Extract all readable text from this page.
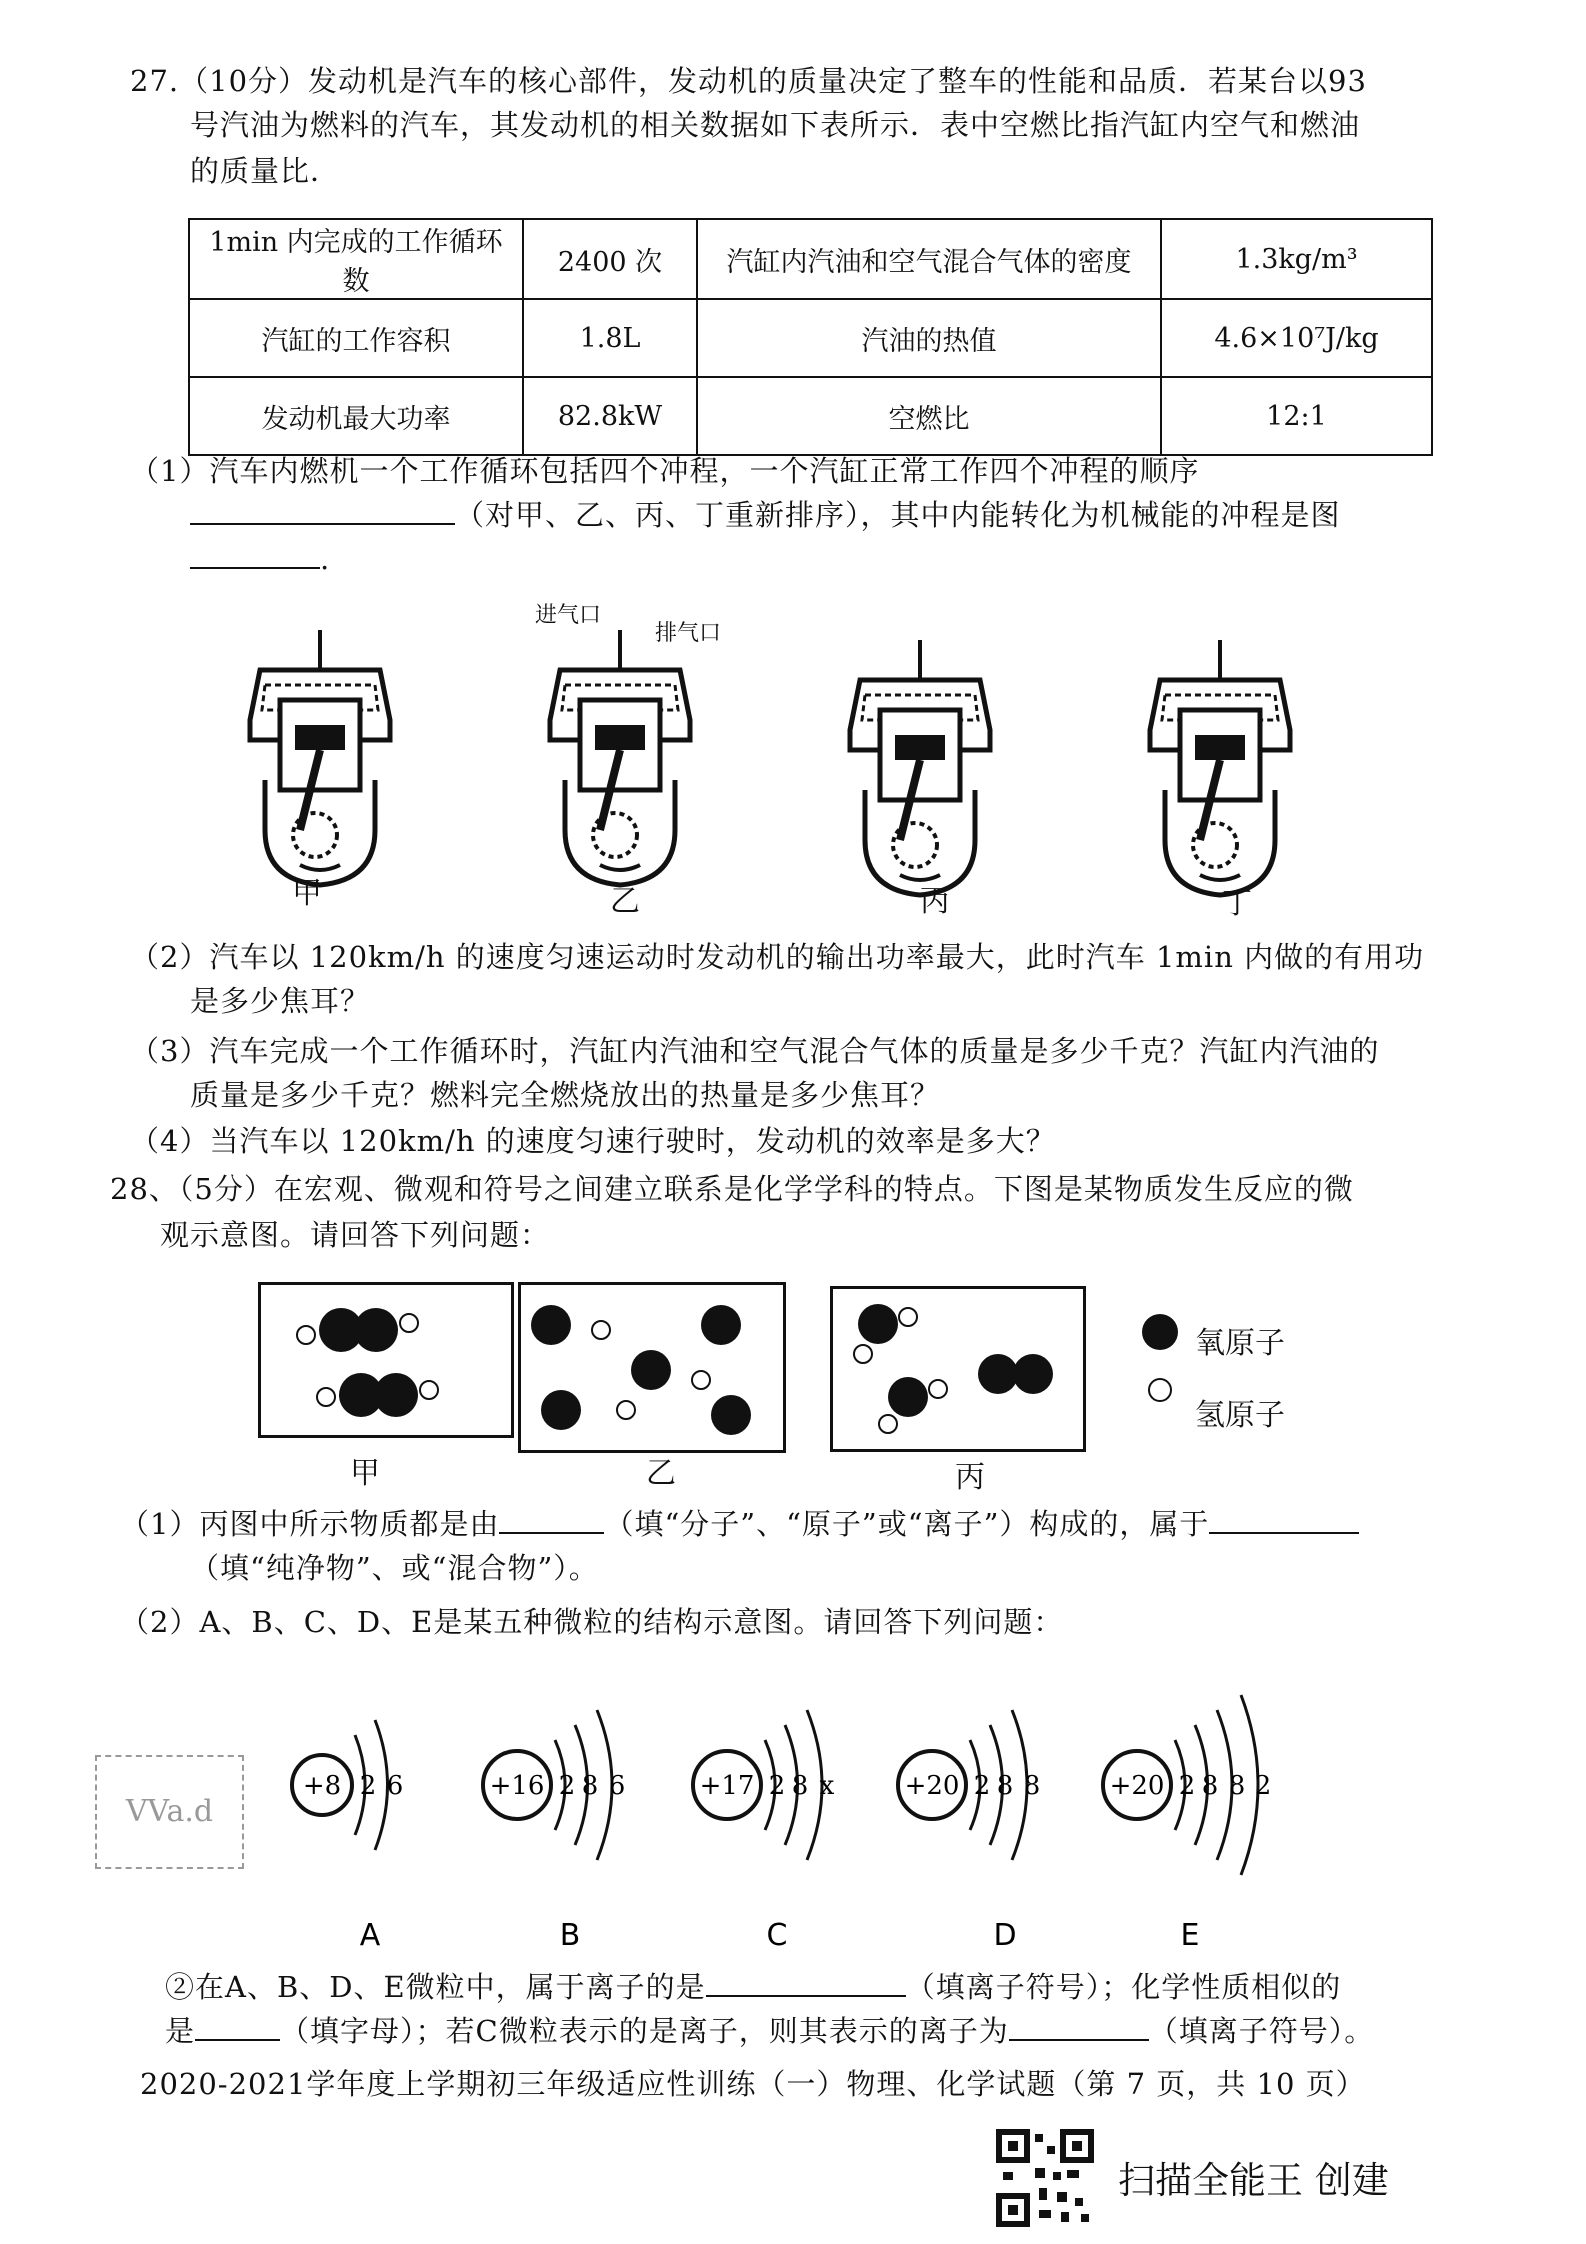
27.（10分）发动机是汽车的核心部件，发动机的质量决定了整车的性能和品质．若某台以93
号汽油为燃料的汽车，其发动机的相关数据如下表所示．表中空燃比指汽缸内空气和燃油
的质量比．
1min 内完成的工作循环数	2400 次	汽缸内汽油和空气混合气体的密度	1.3kg/m³
汽缸的工作容积	1.8L	汽油的热值	4.6×10⁷J/kg
发动机最大功率	82.8kW	空燃比	12:1
（1）汽车内燃机一个工作循环包括四个冲程，一个汽缸正常工作四个冲程的顺序
（对甲、乙、丙、丁重新排序），其中内能转化为机械能的冲程是图
.
进气口
排气口
甲	乙	丙	丁
（2）汽车以 120km/h 的速度匀速运动时发动机的输出功率最大，此时汽车 1min 内做的有用功
是多少焦耳？
（3）汽车完成一个工作循环时，汽缸内汽油和空气混合气体的质量是多少千克？汽缸内汽油的
质量是多少千克？燃料完全燃烧放出的热量是多少焦耳？
（4）当汽车以 120km/h 的速度匀速行驶时，发动机的效率是多大？
28、（5分）在宏观、微观和符号之间建立联系是化学学科的特点。下图是某物质发生反应的微
观示意图。请回答下列问题：
氧原子
氢原子
甲	乙	丙
（1）丙图中所示物质都是由	（填“分子”、“原子”或“离子”）构成的，属于
（填“纯净物”、或“混合物”）。
（2）A、B、C、D、E是某五种微粒的结构示意图。请回答下列问题：
+8 2 6	+16 2 8 6	+17 2 8 x	+20 2 8 8	+20 2 8 8 2
A	B	C	D	E
VVa.d
②在A、B、D、E微粒中，属于离子的是	（填离子符号）；化学性质相似的
是	（填字母）；若C微粒表示的是离子，则其表示的离子为	（填离子符号）。
2020-2021学年度上学期初三年级适应性训练（一）物理、化学试题（第 7 页，共 10 页）
扫描全能王 创建
